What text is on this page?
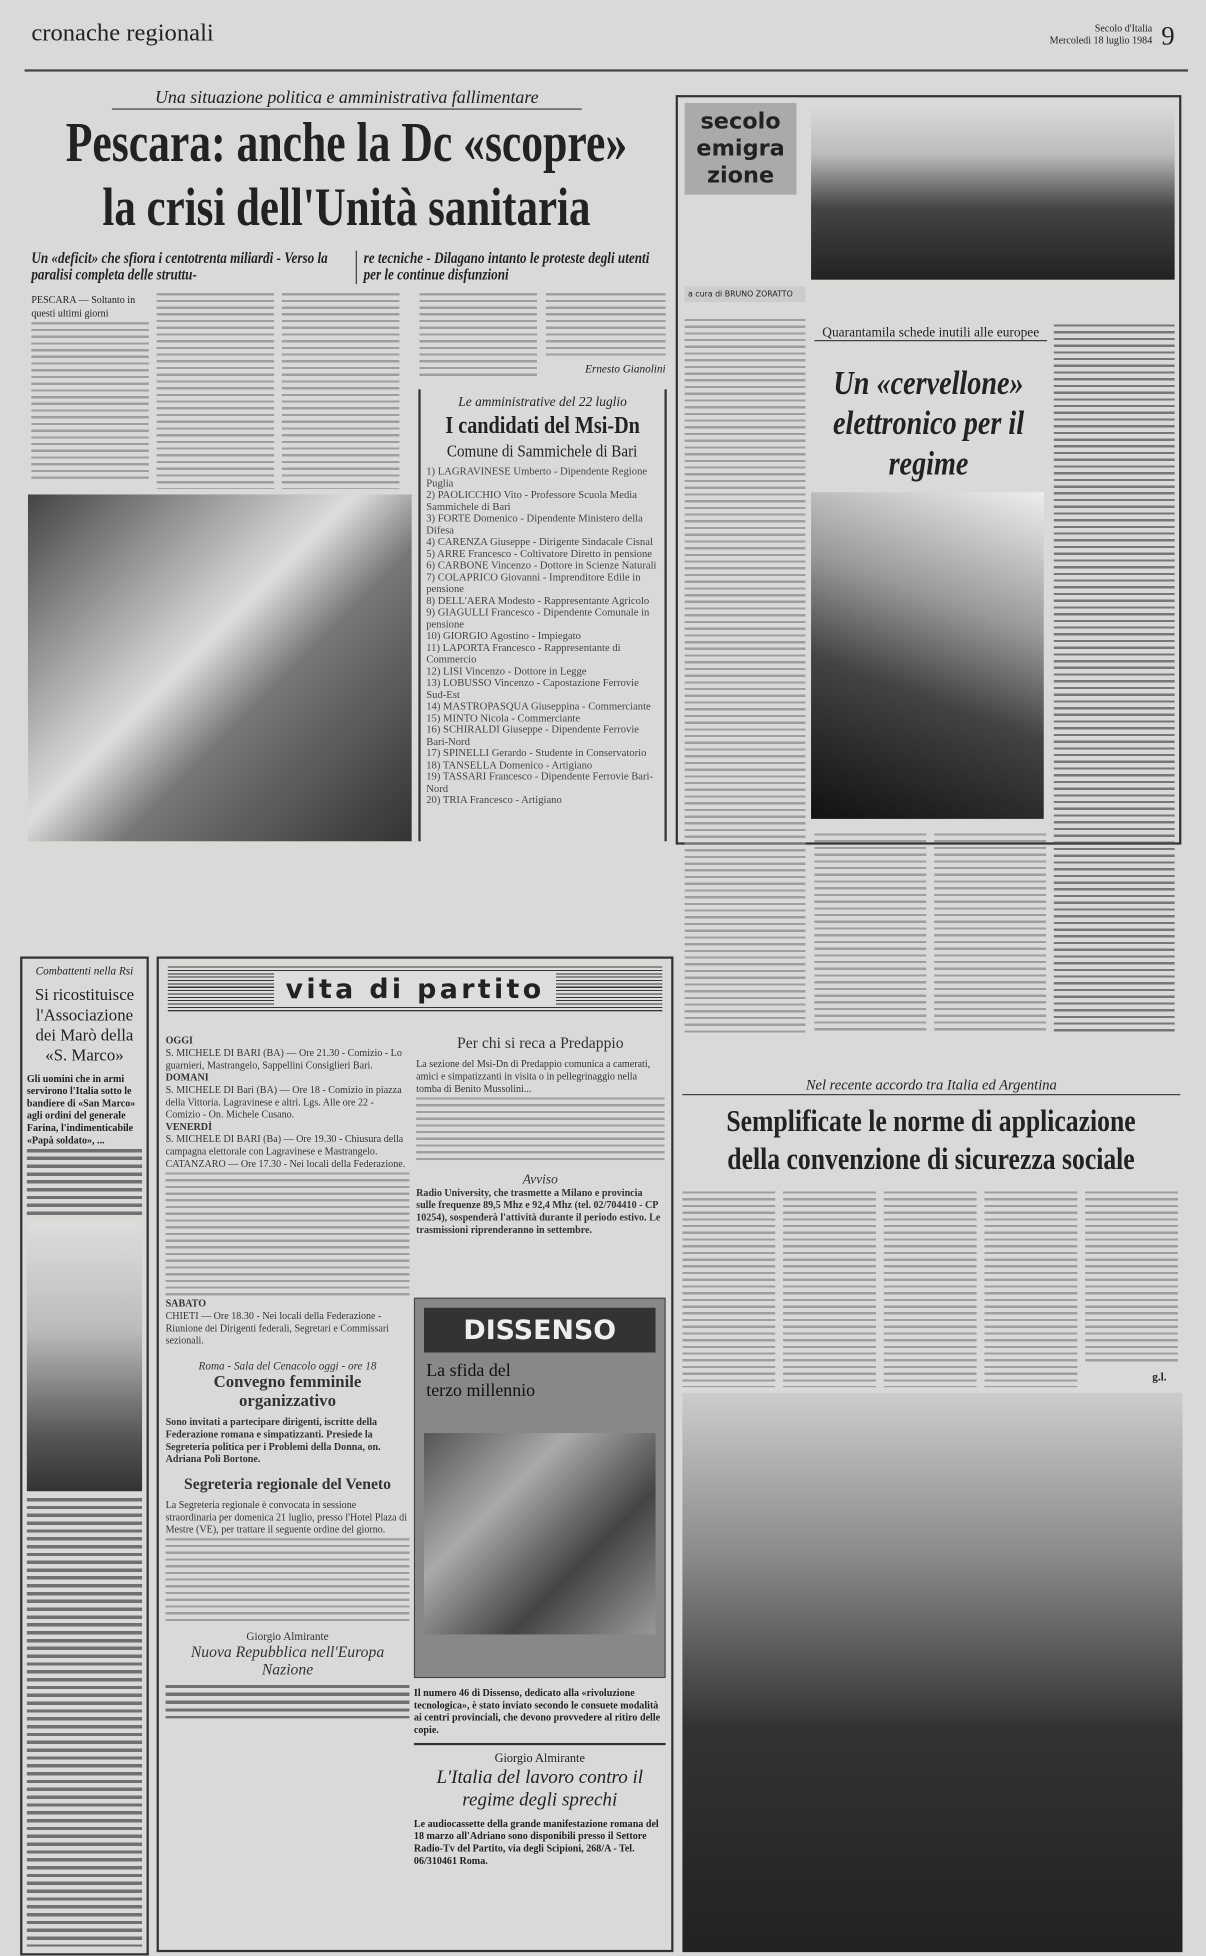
cronache regionali	Secolo d'Italia
Mercoledì 18 luglio 1984 9
Una situazione politica e amministrativa fallimentare
Pescara: anche la Dc «scopre»
la crisi dell'Unità sanitaria
Un «deficit» che sfiora i centotrenta miliardi - Verso la paralisi completa delle struttu-
re tecniche - Dilagano intanto le proteste degli utenti per le continue disfunzioni
PESCARA — Soltanto in questi ultimi giorni
Ernesto Gianolini
Le amministrative del 22 luglio
I candidati del Msi-Dn
Comune di Sammichele di Bari
1) LAGRAVINESE Umberto - Dipendente Regione Puglia
2) PAOLICCHIO Vito - Professore Scuola Media Sammichele di Bari
3) FORTE Domenico - Dipendente Ministero della Difesa
4) CARENZA Giuseppe - Dirigente Sindacale Cisnal
5) ARRE Francesco - Coltivatore Diretto in pensione
6) CARBONE Vincenzo - Dottore in Scienze Naturali
7) COLAPRICO Giovanni - Imprenditore Edile in pensione
8) DELL'AERA Modesto - Rappresentante Agricolo
9) GIAGULLI Francesco - Dipendente Comunale in pensione
10) GIORGIO Agostino - Impiegato
11) LAPORTA Francesco - Rappresentante di Commercio
12) LISI Vincenzo - Dottore in Legge
13) LOBUSSO Vincenzo - Capostazione Ferrovie Sud-Est
14) MASTROPASQUA Giuseppina - Commerciante
15) MINTO Nicola - Commerciante
16) SCHIRALDI Giuseppe - Dipendente Ferrovie Bari-Nord
17) SPINELLI Gerardo - Studente in Conservatorio
18) TANSELLA Domenico - Artigiano
19) TASSARI Francesco - Dipendente Ferrovie Bari-Nord
20) TRIA Francesco - Artigiano
secolo emigra zione
a cura di BRUNO ZORATTO
Quarantamila schede inutili alle europee
Un «cervellone» elettronico per il regime
Nel recente accordo tra Italia ed Argentina
Semplificate le norme di applicazione
della convenzione di sicurezza sociale
g.l.
Combattenti nella Rsi
Si ricostituisce l'Associazione dei Marò della «S. Marco»
Gli uomini che in armi servirono l'Italia sotto le bandiere di «San Marco» agli ordini del generale Farina, l'indimenticabile «Papà soldato», ...
vita di partito
OGGI
S. MICHELE DI BARI (BA) — Ore 21.30 - Comizio - Lo guarnieri, Mastrangelo, Sappellini Consiglieri Bari.
DOMANI
S. MICHELE DI Bari (BA) — Ore 18 - Comizio in piazza della Vittoria. Lagravinese e altri. Lgs. Alle ore 22 - Comizio - On. Michele Cusano.
VENERDÌ
S. MICHELE DI BARI (Ba) — Ore 19.30 - Chiusura della campagna elettorale con Lagravinese e Mastrangelo. CATANZARO — Ore 17.30 - Nei locali della Federazione.
SABATO
CHIETI — Ore 18.30 - Nei locali della Federazione - Riunione dei Dirigenti federali, Segretari e Commissari sezionali.
Roma - Sala del Cenacolo oggi - ore 18
Convegno femminile organizzativo
Sono invitati a partecipare dirigenti, iscritte della Federazione romana e simpatizzanti. Presiede la Segreteria politica per i Problemi della Donna, on. Adriana Poli Bortone.
Segreteria regionale del Veneto
La Segreteria regionale è convocata in sessione straordinaria per domenica 21 luglio, presso l'Hotel Plaza di Mestre (VE), per trattare il seguente ordine del giorno.
Giorgio Almirante
Nuova Repubblica nell'Europa Nazione
Per chi si reca a Predappio
La sezione del Msi-Dn di Predappio comunica a camerati, amici e simpatizzanti in visita o in pellegrinaggio nella tomba di Benito Mussolini...
Avviso
Radio University, che trasmette a Milano e provincia sulle frequenze 89,5 Mhz e 92,4 Mhz (tel. 02/704410 - CP 10254), sospenderà l'attività durante il periodo estivo. Le trasmissioni riprenderanno in settembre.
DISSENSO
La sfida del terzo millennio
Il numero 46 di Dissenso, dedicato alla «rivoluzione tecnologica», è stato inviato secondo le consuete modalità ai centri provinciali, che devono provvedere al ritiro delle copie.
Giorgio Almirante
L'Italia del lavoro contro il regime degli sprechi
Le audiocassette della grande manifestazione romana del 18 marzo all'Adriano sono disponibili presso il Settore Radio-Tv del Partito, via degli Scipioni, 268/A - Tel. 06/310461 Roma.
